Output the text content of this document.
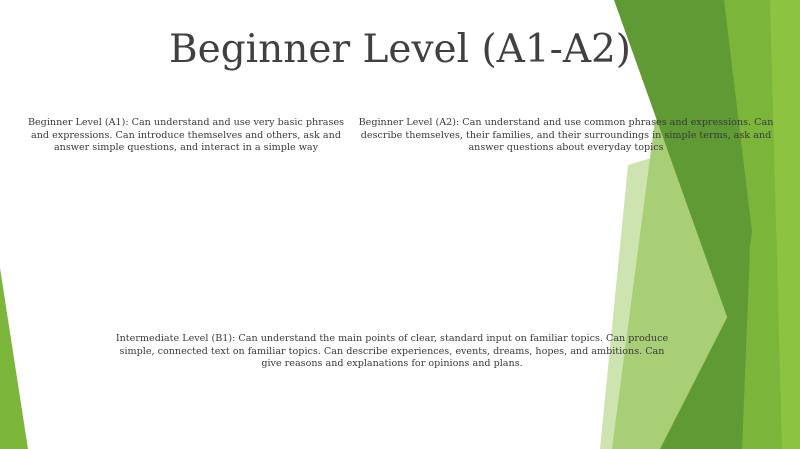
Beginner Level (A1-A2)

Beginner Level (A1): Can understand and use very basic phrases and expressions. Can introduce themselves and others, ask and answer simple questions, and interact in a simple way

Beginner Level (A2): Can understand and use common phrases and expressions. Can describe themselves, their families, and their surroundings in simple terms, ask and answer questions about everyday topics

Intermediate Level (B1): Can understand the main points of clear, standard input on familiar topics. Can produce simple, connected text on familiar topics. Can describe experiences, events, dreams, hopes, and ambitions. Can give reasons and explanations for opinions and plans.
